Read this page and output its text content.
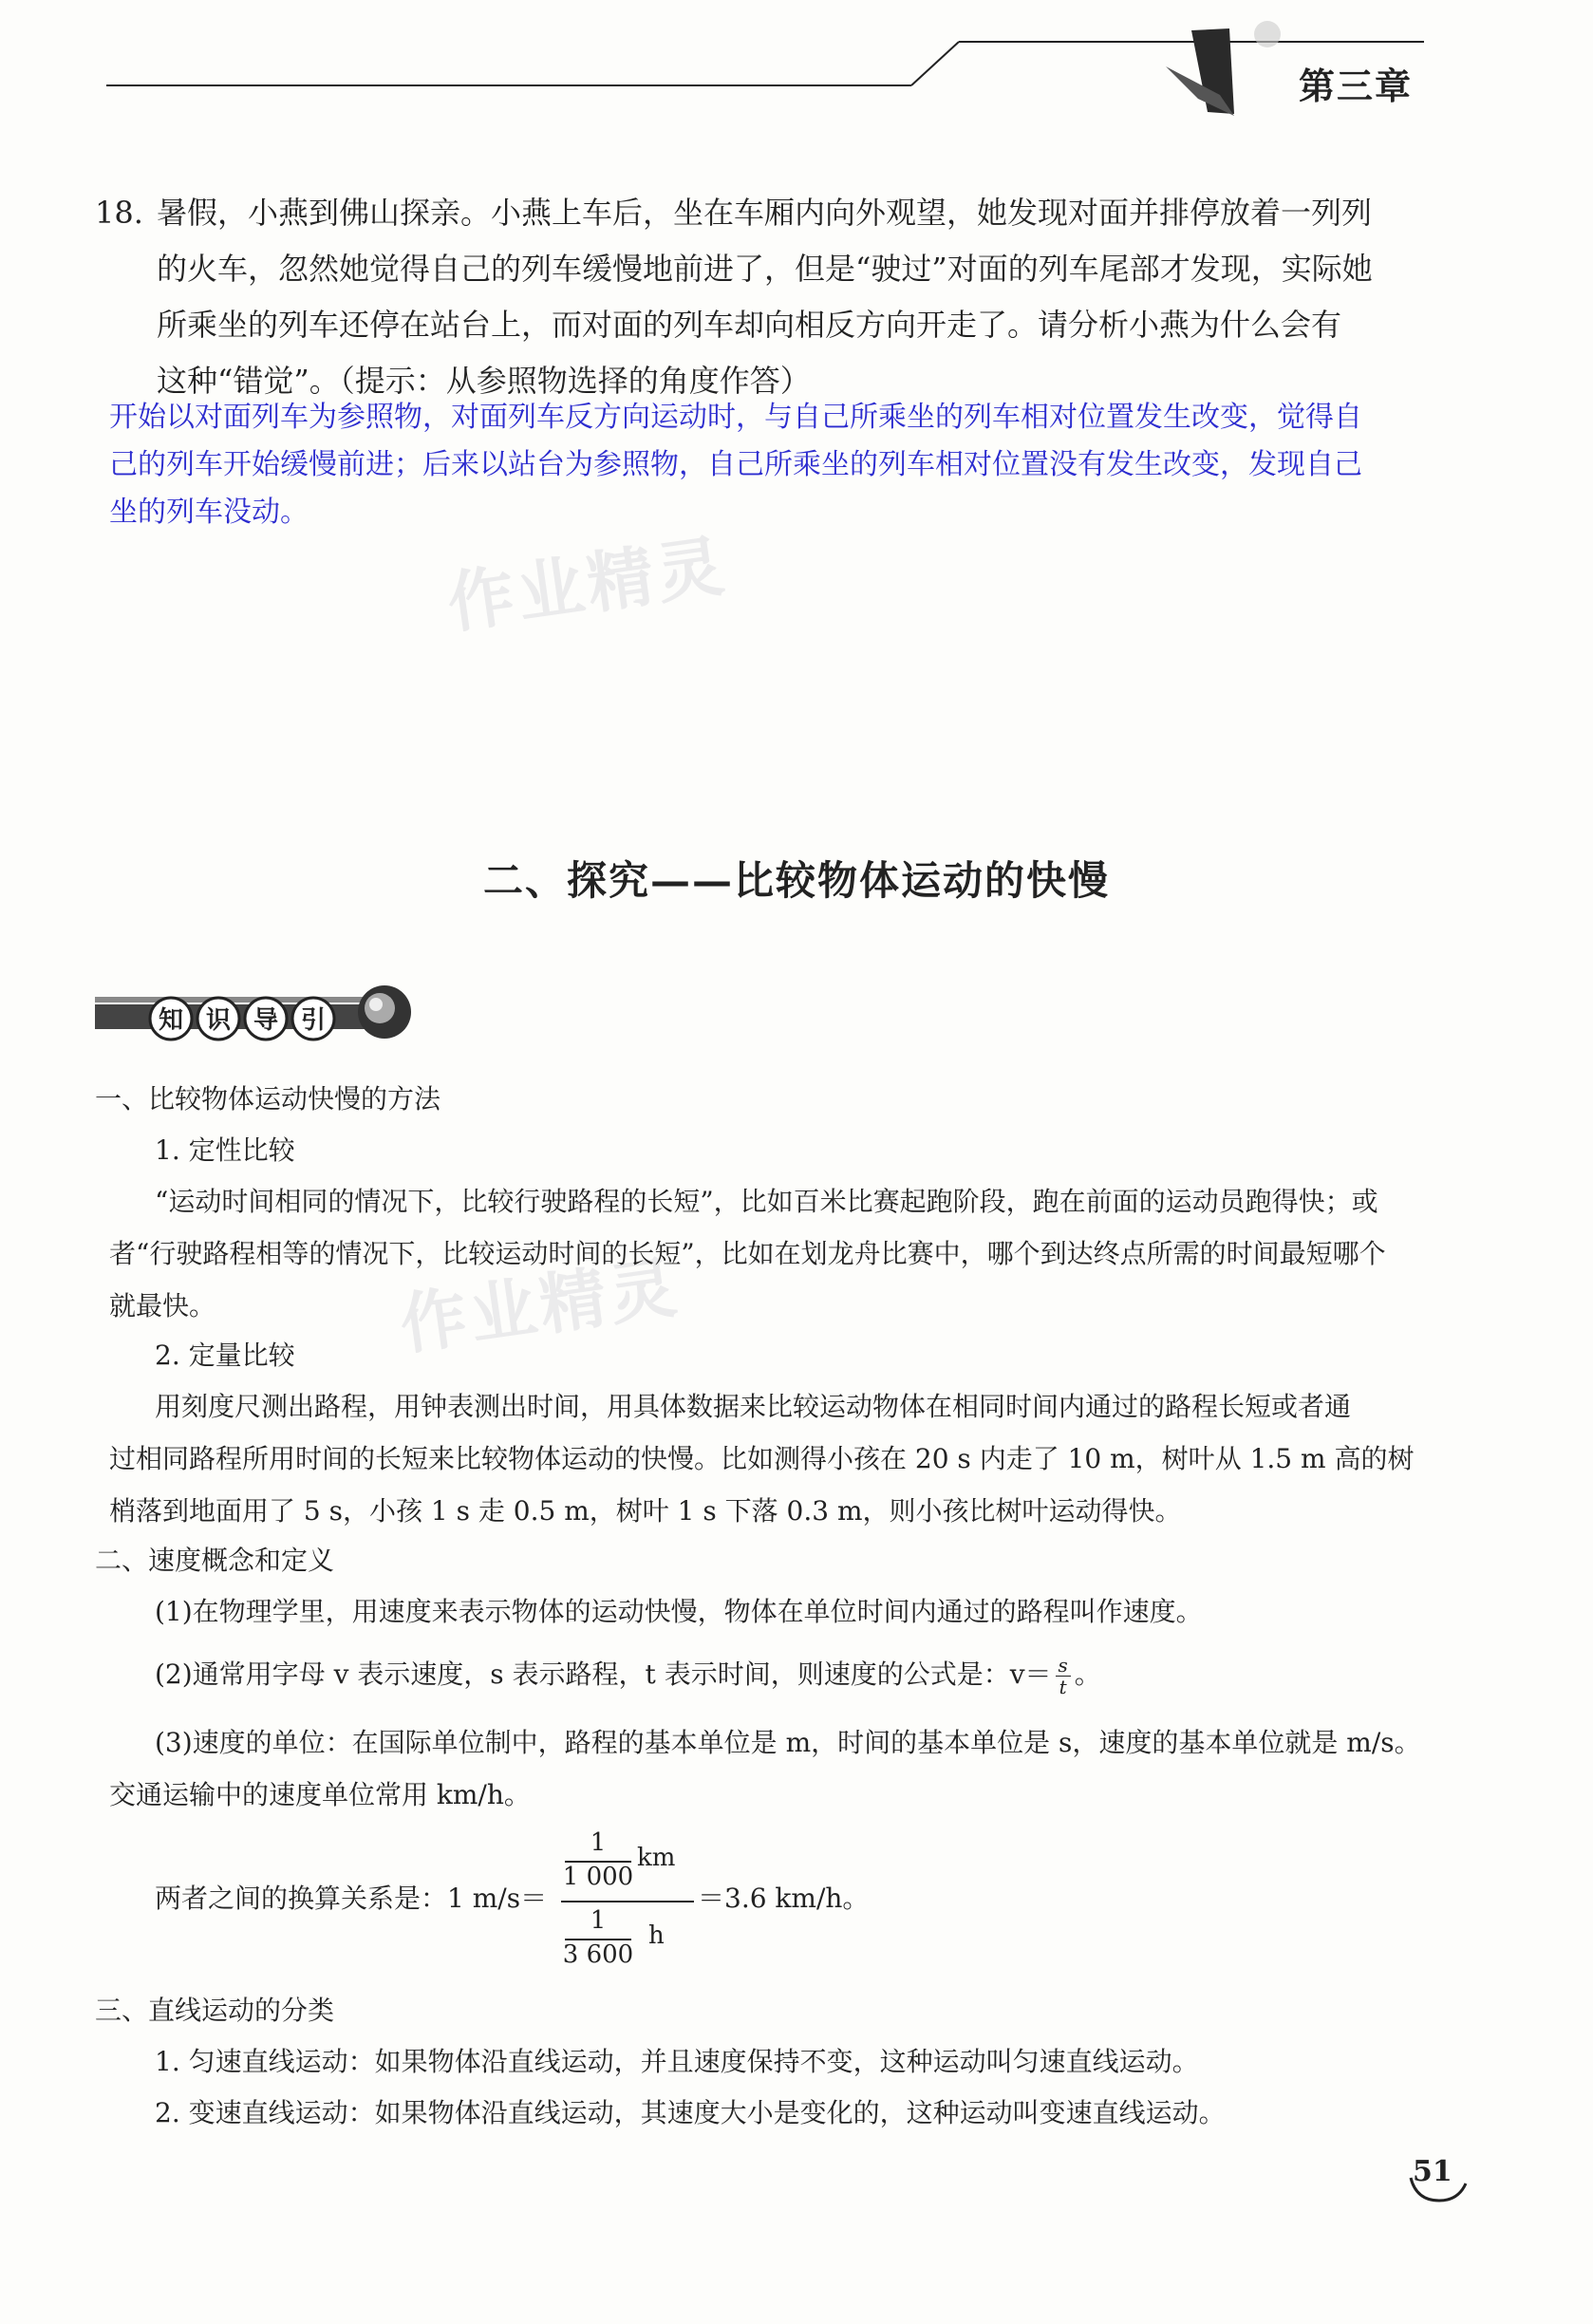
第三章
18. 暑假，小燕到佛山探亲。小燕上车后，坐在车厢内向外观望，她发现对面并排停放着一列列
的火车，忽然她觉得自己的列车缓慢地前进了，但是“驶过”对面的列车尾部才发现，实际她
所乘坐的列车还停在站台上，而对面的列车却向相反方向开走了。请分析小燕为什么会有
这种“错觉”。（提示：从参照物选择的角度作答）
开始以对面列车为参照物，对面列车反方向运动时，与自己所乘坐的列车相对位置发生改变，觉得自
己的列车开始缓慢前进；后来以站台为参照物，自己所乘坐的列车相对位置没有发生改变，发现自己
坐的列车没动。
作业精灵
作业精灵
二、探究——比较物体运动的快慢
知 识 导 引
一、比较物体运动快慢的方法
1. 定性比较
“运动时间相同的情况下，比较行驶路程的长短”，比如百米比赛起跑阶段，跑在前面的运动员跑得快；或
者“行驶路程相等的情况下，比较运动时间的长短”，比如在划龙舟比赛中，哪个到达终点所需的时间最短哪个
就最快。
2. 定量比较
用刻度尺测出路程，用钟表测出时间，用具体数据来比较运动物体在相同时间内通过的路程长短或者通
过相同路程所用时间的长短来比较物体运动的快慢。比如测得小孩在 20 s 内走了 10 m，树叶从 1.5 m 高的树
梢落到地面用了 5 s，小孩 1 s 走 0.5 m，树叶 1 s 下落 0.3 m，则小孩比树叶运动得快。
二、速度概念和定义
(1)在物理学里，用速度来表示物体的运动快慢，物体在单位时间内通过的路程叫作速度。
(2)通常用字母 v 表示速度，s 表示路程，t 表示时间，则速度的公式是：$v= \frac{s}{t}$ 。
(3)速度的单位：在国际单位制中，路程的基本单位是 m，时间的基本单位是 s，速度的基本单位就是 m/s。
交通运输中的速度单位常用 km/h。
两者之间的换算关系是：1 m/s＝
1
1 000
km
1
3 600
h
＝3.6 km/h。
三、直线运动的分类
1. 匀速直线运动：如果物体沿直线运动，并且速度保持不变，这种运动叫匀速直线运动。
2. 变速直线运动：如果物体沿直线运动，其速度大小是变化的，这种运动叫变速直线运动。
51
